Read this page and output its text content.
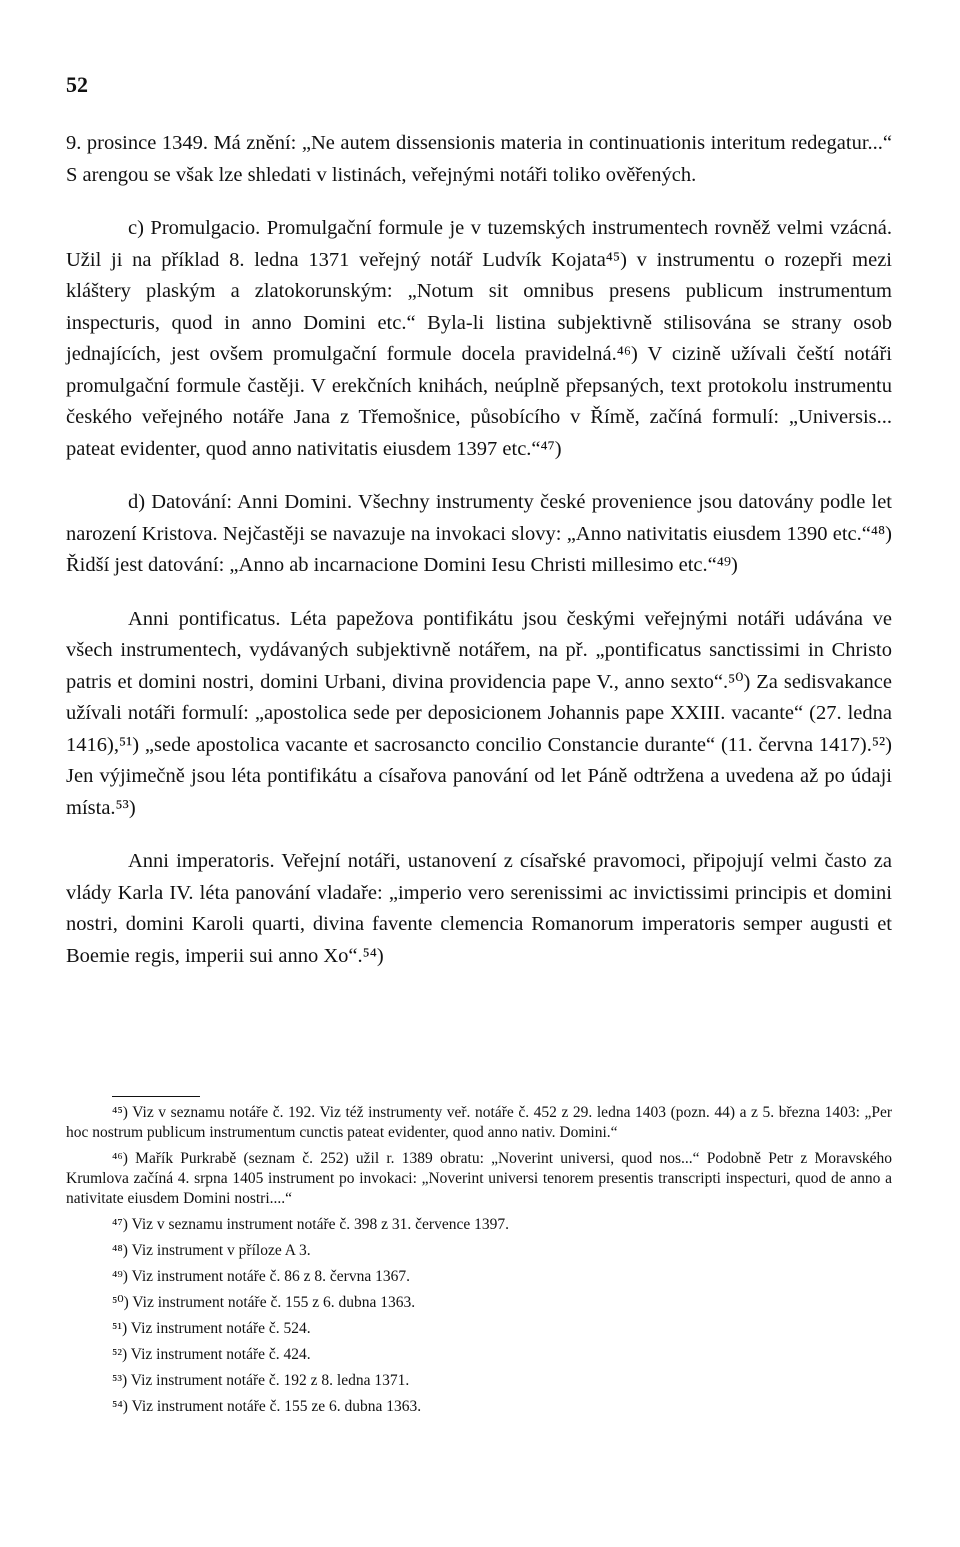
52

9. prosince 1349. Má znění: „Ne autem dissensionis materia in continuationis interitum redegatur...“ S arengou se však lze shledati v listinách, veřejnými notáři toliko ověřených.

c) Promulgacio. Promulgační formule je v tuzemských instrumentech rovněž velmi vzácná. Užil ji na příklad 8. ledna 1371 veřejný notář Ludvík Kojata⁴⁵) v instrumentu o rozepři mezi kláštery plaským a zlatokorunským: „Notum sit omnibus presens publicum instrumentum inspecturis, quod in anno Domini etc.“ Byla-li listina subjektivně stilisována se strany osob jednajících, jest ovšem promulgační formule docela pravidelná.⁴⁶) V cizině užívali čeští notáři promulgační formule častěji. V erekčních knihách, neúplně přepsaných, text protokolu instrumentu českého veřejného notáře Jana z Třemošnice, působícího v Římě, začíná formulí: „Universis... pateat evidenter, quod anno nativitatis eiusdem 1397 etc.“⁴⁷)

d) Datování: Anni Domini. Všechny instrumenty české provenience jsou datovány podle let narození Kristova. Nejčastěji se navazuje na invokaci slovy: „Anno nativitatis eiusdem 1390 etc.“⁴⁸) Řidší jest datování: „Anno ab incarnacione Domini Iesu Christi millesimo etc.“⁴⁹)

Anni pontificatus. Léta papežova pontifikátu jsou českými veřejnými notáři udávána ve všech instrumentech, vydávaných subjektivně notářem, na př. „pontificatus sanctissimi in Christo patris et domini nostri, domini Urbani, divina providencia pape V., anno sexto“.⁵⁰) Za sedisvakance užívali notáři formulí: „apostolica sede per deposicionem Johannis pape XXIII. vacante“ (27. ledna 1416),⁵¹) „sede apostolica vacante et sacrosancto concilio Constancie durante“ (11. června 1417).⁵²) Jen výjimečně jsou léta pontifikátu a císařova panování od let Páně odtržena a uvedena až po údaji místa.⁵³)

Anni imperatoris. Veřejní notáři, ustanovení z císařské pravomoci, připojují velmi často za vlády Karla IV. léta panování vladaře: „imperio vero serenissimi ac invictissimi principis et domini nostri, domini Karoli quarti, divina favente clemencia Romanorum imperatoris semper augusti et Boemie regis, imperii sui anno Xo“.⁵⁴)

⁴⁵) Viz v seznamu notáře č. 192. Viz též instrumenty veř. notáře č. 452 z 29. ledna 1403 (pozn. 44) a z 5. března 1403: „Per hoc nostrum publicum instrumentum cunctis pateat evidenter, quod anno nativ. Domini.“

⁴⁶) Mařík Purkrabě (seznam č. 252) užil r. 1389 obratu: „Noverint universi, quod nos...“ Podobně Petr z Moravského Krumlova začíná 4. srpna 1405 instrument po invokaci: „Noverint universi tenorem presentis transcripti inspecturi, quod de anno a nativitate eiusdem Domini nostri....“

⁴⁷) Viz v seznamu instrument notáře č. 398 z 31. července 1397.

⁴⁸) Viz instrument v příloze A 3.

⁴⁹) Viz instrument notáře č. 86 z 8. června 1367.

⁵⁰) Viz instrument notáře č. 155 z 6. dubna 1363.

⁵¹) Viz instrument notáře č. 524.

⁵²) Viz instrument notáře č. 424.

⁵³) Viz instrument notáře č. 192 z 8. ledna 1371.

⁵⁴) Viz instrument notáře č. 155 ze 6. dubna 1363.
